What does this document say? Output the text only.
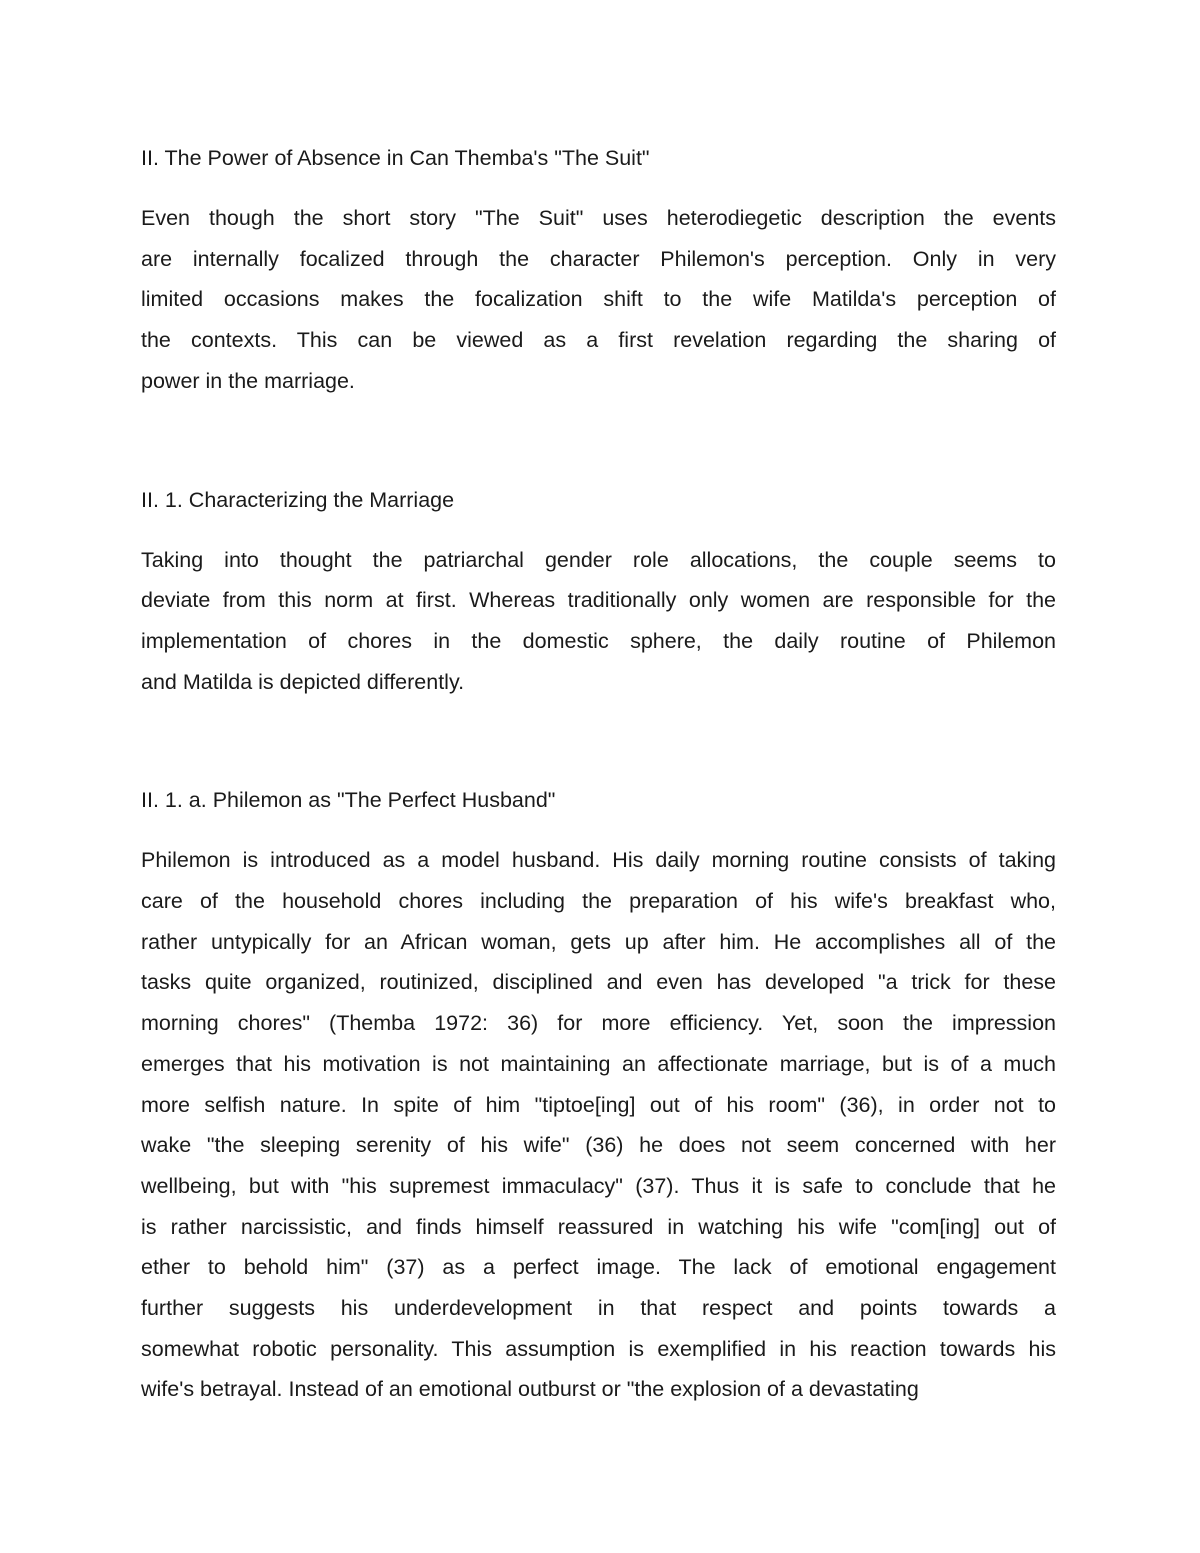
II. The Power of Absence in Can Themba's "The Suit"

Even though the short story "The Suit" uses heterodiegetic description the events
are internally focalized through the character Philemon's perception. Only in very
limited occasions makes the focalization shift to the wife Matilda's perception of
the contexts. This can be viewed as a first revelation regarding the sharing of
power in the marriage.

II. 1. Characterizing the Marriage

Taking into thought the patriarchal gender role allocations, the couple seems to
deviate from this norm at first. Whereas traditionally only women are responsible for the
implementation of chores in the domestic sphere, the daily routine of Philemon
and Matilda is depicted differently.

II. 1. a. Philemon as "The Perfect Husband"

Philemon is introduced as a model husband. His daily morning routine consists of taking
care of the household chores including the preparation of his wife's breakfast who,
rather untypically for an African woman, gets up after him. He accomplishes all of the
tasks quite organized, routinized, disciplined and even has developed "a trick for these
morning chores" (Themba 1972: 36) for more efficiency. Yet, soon the impression
emerges that his motivation is not maintaining an affectionate marriage, but is of a much
more selfish nature. In spite of him "tiptoe[ing] out of his room" (36), in order not to
wake "the sleeping serenity of his wife" (36) he does not seem concerned with her
wellbeing, but with "his supremest immaculacy" (37). Thus it is safe to conclude that he
is rather narcissistic, and finds himself reassured in watching his wife "com[ing] out of
ether to behold him" (37) as a perfect image. The lack of emotional engagement
further suggests his underdevelopment in that respect and points towards a
somewhat robotic personality. This assumption is exemplified in his reaction towards his
wife's betrayal. Instead of an emotional outburst or "the explosion of a devastating
